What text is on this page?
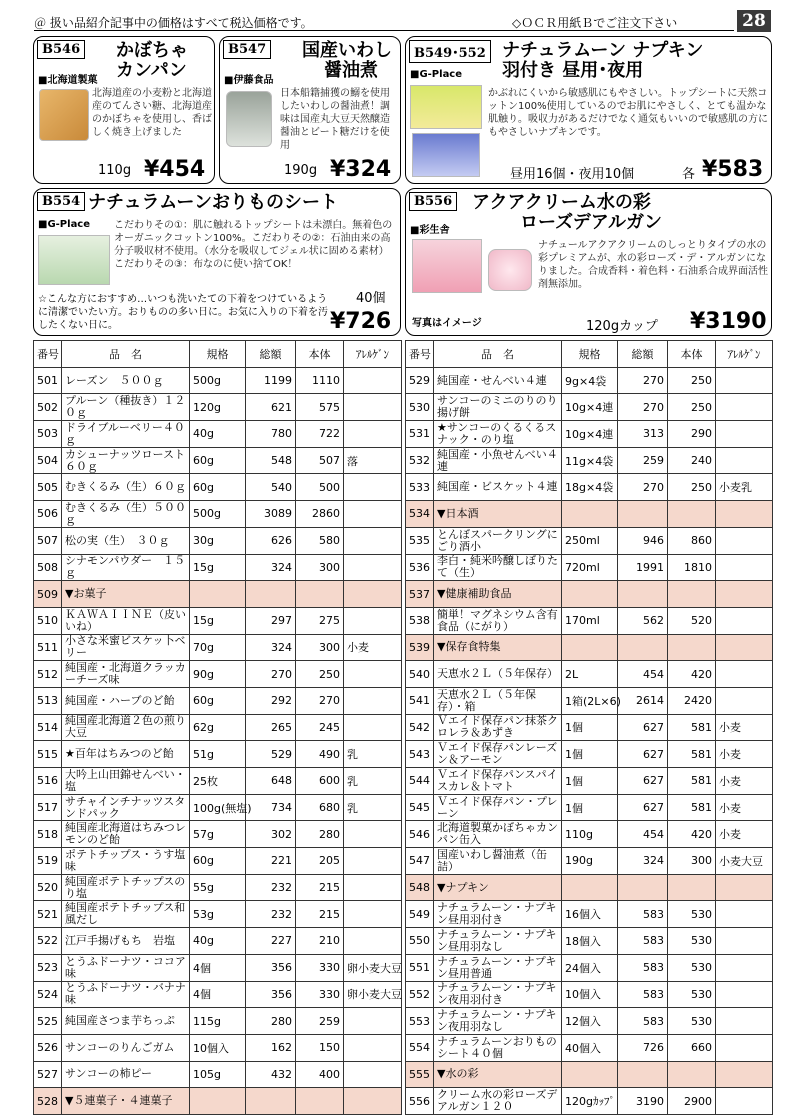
＠ 扱い品紹介記事中の価格はすべて税込価格です。	◇ＯＣＲ用紙Ｂでご注文下さい	28
B546 かぼちゃ
カンパン
■北海道製菓
北海道産の小麦粉と北海道産のてんさい糖、北海道産のかぼちゃを使用し、香ばしく焼き上げました
110g ¥454
B547 国産いわし
醤油煮
■伊藤食品
日本船籍捕獲の鰯を使用したいわしの醤油煮！調味は国産丸大豆天然醸造醤油とビート糖だけを使用
190g ¥324
B549･552 ナチュラムーン ナプキン
羽付き 昼用･夜用
■G-Place
かぶれにくいから敏感肌にもやさしい。トップシートに天然コットン100%使用しているのでお肌にやさしく、とても温かな肌触り。吸収力があるだけでなく通気もいいので敏感肌の方にもやさしいナプキンです。
昼用16個・夜用10個	各 ¥583
B554 ナチュラムーンおりものシート
■G-Place こだわりその①：肌に触れるトップシートは未漂白。無着色のオーガニックコットン100%。こだわりその②：石油由来の高分子吸収材不使用。（水分を吸収してジェル状に固める素材）こだわりその③：布なのに使い捨てOK！
☆こんな方におすすめ…いつも洗いたての下着をつけているように清潔でいたい方。おりものの多い日に。お気に入りの下着を汚したくない日に。
40個
¥726
B556 アクアクリーム水の彩
ローズデアルガン
■彩生舎
ナチュールアクアクリームのしっとりタイプの水の彩プレミアムが、水の彩ローズ・デ・アルガンになりました。合成香料・着色料・石油系合成界面活性剤無添加。
写真はイメージ	120gカップ ¥3190
番号	品　名	規格	総額	本体	ｱﾚﾙｹﾞﾝ
501	レーズン　５００ｇ	500g	1199	1110	
502	プルーン（種抜き）１２０ｇ	120g	621	575	
503	ドライブルーベリー４０ｇ	40g	780	722	
504	カシューナッツロースト　６０ｇ	60g	548	507	落
505	むきくるみ（生）６０ｇ	60g	540	500	
506	むきくるみ（生）５００ｇ	500g	3089	2860	
507	松の実（生）　３０ｇ	30g	626	580	
508	シナモンパウダー　１５ｇ	15g	324	300	
509	▼お菓子				
510	ＫＡＷＡＩＩＮＥ（皮いいね）	15g	297	275	
511	小さな米蜜ビスケッ卜ベリー	70g	324	300	小麦
512	純国産・北海道クラッカーチーズ味	90g	270	250	
513	純国産・ハーブのど飴	60g	292	270	
514	純国産北海道２色の煎り大豆	62g	265	245	
515	★百年はちみつのど飴	51g	529	490	乳
516	大吟上山田錦せんべい・塩	25枚	648	600	乳
517	サチャインチナッツスタンドパック	100g(無塩)	734	680	乳
518	純国産北海道はちみつレモンのど飴	57g	302	280	
519	ポテトチップス・うす塩味	60g	221	205	
520	純国産ポテトチップスのり塩	55g	232	215	
521	純国産ポテトチップス和風だし	53g	232	215	
522	江戸手揚げもち　岩塩	40g	227	210	
523	とうふドーナツ・ココア味	4個	356	330	卵小麦大豆
524	とうふドーナツ・バナナ味	4個	356	330	卵小麦大豆
525	純国産さつま芋ちっぷ	115g	280	259	
526	サンコーのりんごガム	10個入	162	150	
527	サンコーの柿ピー	105g	432	400	
528	▼５連菓子・４連菓子				
番号	品　名	規格	総額	本体	ｱﾚﾙｹﾞﾝ
529	純国産・せんべい４連	9g×4袋	270	250	
530	サンコーのミニのりのり揚げ餅	10g×4連	270	250	
531	★サンコーのくるくるスナック・のり塩	10g×4連	313	290	
532	純国産・小魚せんべい４連	11g×4袋	259	240	
533	純国産・ビスケット４連	18g×4袋	270	250	小麦乳
534	▼日本酒				
535	とんぼスパークリングにごり酒小	250ml	946	860	
536	李白・純米吟醸しぼりたて（生）	720ml	1991	1810	
537	▼健康補助食品				
538	簡単！マグネシウム含有食品（にがり）	170ml	562	520	
539	▼保存食特集				
540	天恵水２Ｌ（５年保存）	2L	454	420	
541	天恵水２Ｌ（５年保存）・箱	1箱(2L×6)	2614	2420	
542	Ｖエイド保存パン抹茶クロレラ＆あずき	1個	627	581	小麦
543	Ｖエイド保存パンレーズン＆アーモン	1個	627	581	小麦
544	Ｖエイド保存パンスパイスカレ＆トマト	1個	627	581	小麦
545	Ｖエイド保存パン・プレーン	1個	627	581	小麦
546	北海道製菓かぼちゃカンパン缶入	110g	454	420	小麦
547	国産いわし醤油煮（缶詰）	190g	324	300	小麦大豆
548	▼ナプキン				
549	ナチュラムーン・ナプキン昼用羽付き	16個入	583	530	
550	ナチュラムーン・ナプキン昼用羽なし	18個入	583	530	
551	ナチュラムーン・ナプキン昼用普通	24個入	583	530	
552	ナチュラムーン・ナプキン夜用羽付き	10個入	583	530	
553	ナチュラムーン・ナプキン夜用羽なし	12個入	583	530	
554	ナチュラムーンおりものシート４０個	40個入	726	660	
555	▼水の彩				
556	クリーム水の彩ローズデアルガン１２０	120gｶｯﾌﾟ	3190	2900	
